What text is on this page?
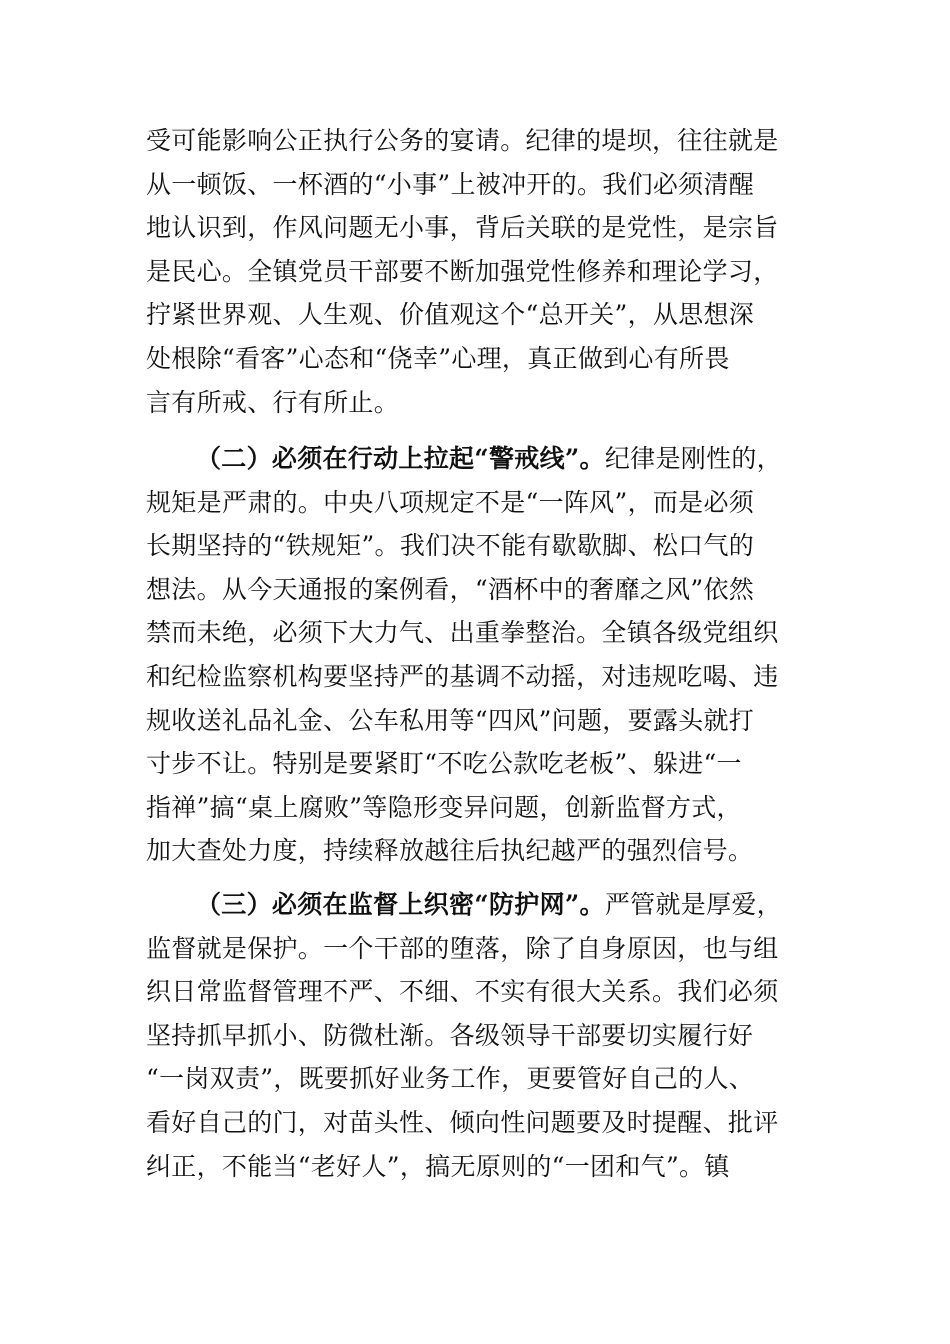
受可能影响公正执行公务的宴请。纪律的堤坝，往往就是
从一顿饭、一杯酒的“小事”上被冲开的。我们必须清醒
地认识到，作风问题无小事，背后关联的是党性，是宗旨
是民心。全镇党员干部要不断加强党性修养和理论学习，
拧紧世界观、人生观、价值观这个“总开关”，从思想深
处根除“看客”心态和“侥幸”心理，真正做到心有所畏
言有所戒、行有所止。
（二）必须在行动上拉起“警戒线”。纪律是刚性的，
规矩是严肃的。中央八项规定不是“一阵风”，而是必须
长期坚持的“铁规矩”。我们决不能有歇歇脚、松口气的
想法。从今天通报的案例看，“酒杯中的奢靡之风”依然
禁而未绝，必须下大力气、出重拳整治。全镇各级党组织
和纪检监察机构要坚持严的基调不动摇，对违规吃喝、违
规收送礼品礼金、公车私用等“四风”问题，要露头就打
寸步不让。特别是要紧盯“不吃公款吃老板”、躲进“一
指禅”搞“桌上腐败”等隐形变异问题，创新监督方式，
加大查处力度，持续释放越往后执纪越严的强烈信号。
（三）必须在监督上织密“防护网”。严管就是厚爱，
监督就是保护。一个干部的堕落，除了自身原因，也与组
织日常监督管理不严、不细、不实有很大关系。我们必须
坚持抓早抓小、防微杜渐。各级领导干部要切实履行好
“一岗双责”，既要抓好业务工作，更要管好自己的人、
看好自己的门，对苗头性、倾向性问题要及时提醒、批评
纠正，不能当“老好人”，搞无原则的“一团和气”。镇
